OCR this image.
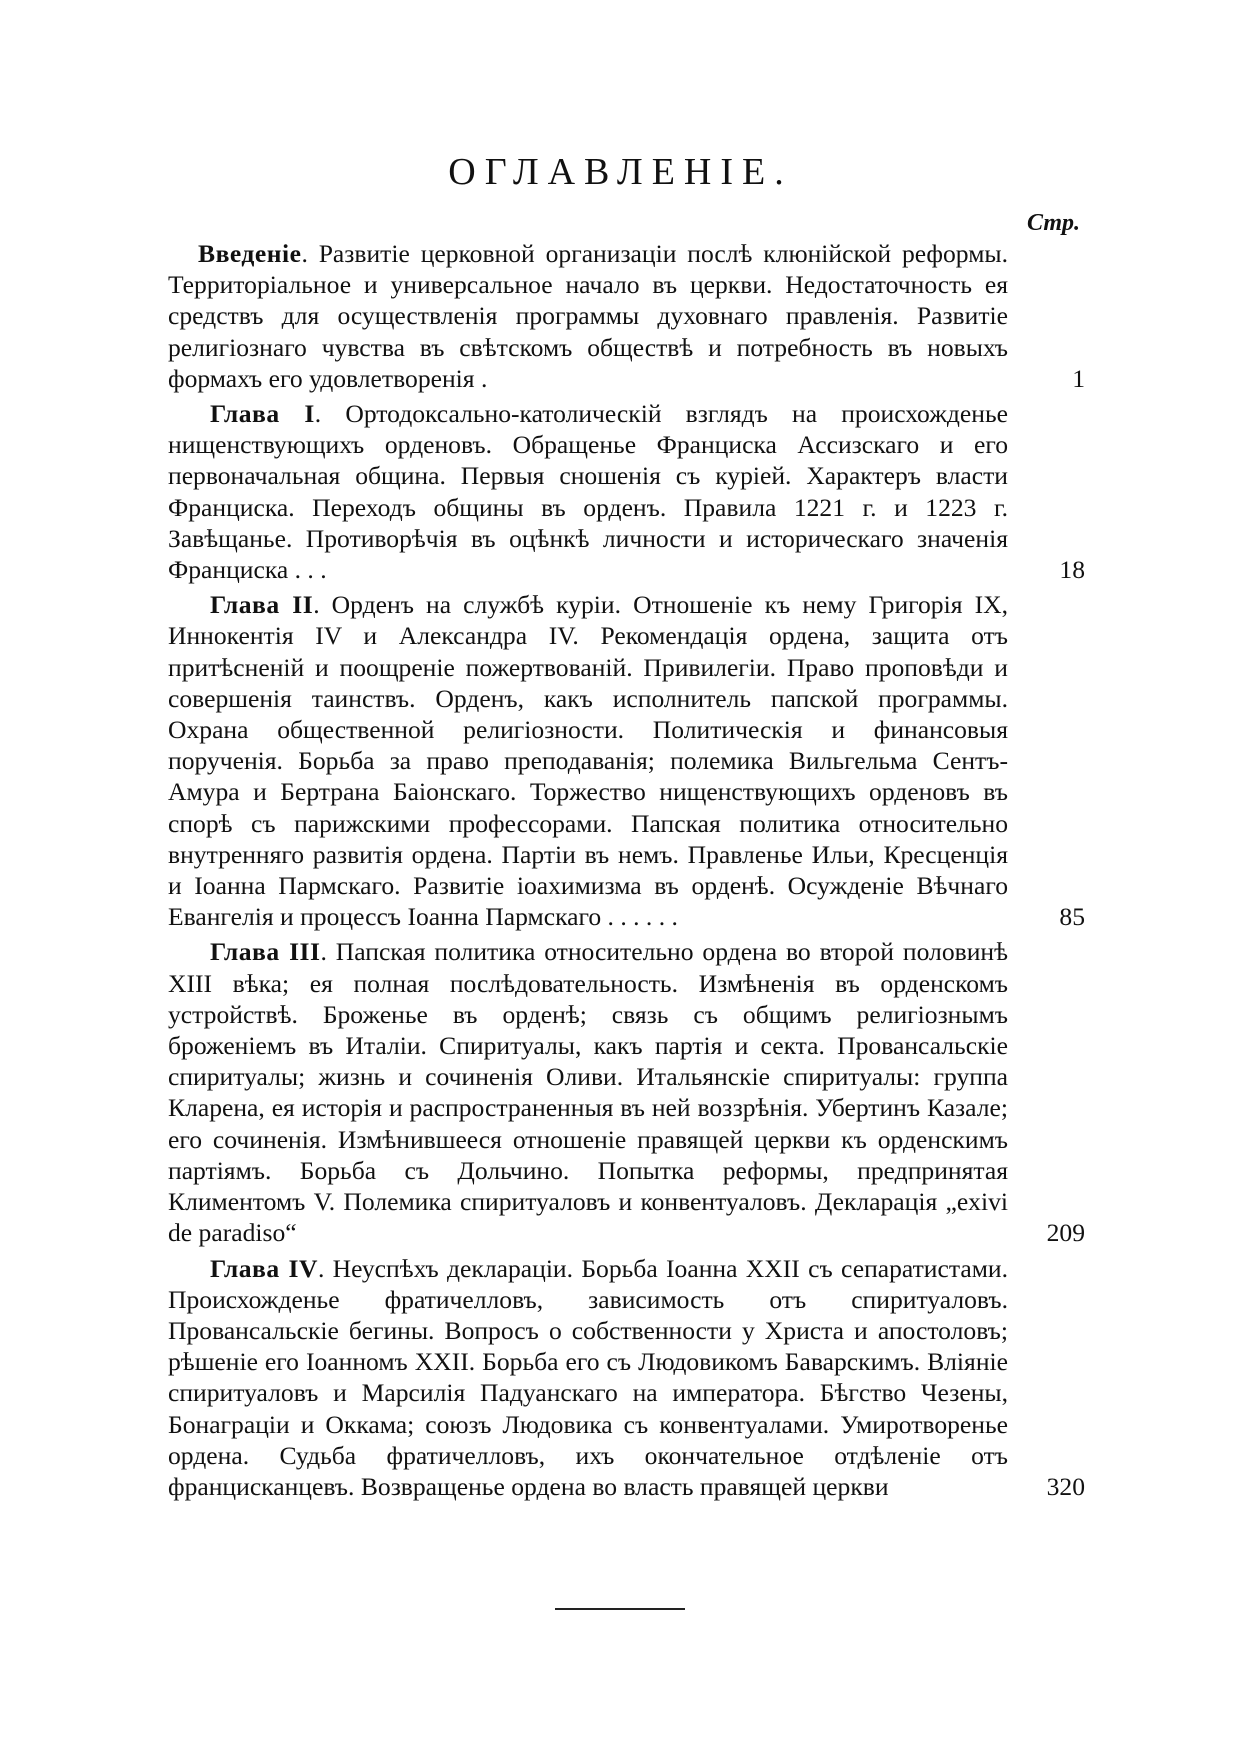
ОГЛАВЛЕНІЕ.
Стр.
Введеніе. Развитіе церковной организаціи послѣ клюнійской реформы. Территоріальное и универсальное начало въ церкви. Недостаточность ея средствъ для осуществленія программы духовнаго правленія. Развитіе религіознаго чувства въ свѣтскомъ обществѣ и потребность въ новыхъ формахъ его удовлетворенія .	1
Глава I. Ортодоксально-католическій взглядъ на происхожденье нищенствующихъ орденовъ. Обращенье Франциска Ассизскаго и его первоначальная община. Первыя сношенія съ куріей. Характеръ власти Франциска. Переходъ общины въ орденъ. Правила 1221 г. и 1223 г. Завѣщанье. Противорѣчія въ оцѣнкѣ личности и историческаго значенія Франциска . . .	18
Глава II. Орденъ на службѣ куріи. Отношеніе къ нему Григорія IX, Иннокентія IV и Александра IV. Рекомендація ордена, защита отъ притѣсненій и поощреніе пожертвованій. Привилегіи. Право проповѣди и совершенія таинствъ. Орденъ, какъ исполнитель папской программы. Охрана общественной религіозности. Политическія и финансовыя порученія. Борьба за право преподаванія; полемика Вильгельма Сентъ-Амура и Бертрана Баіонскаго. Торжество нищенствующихъ орденовъ въ спорѣ съ парижскими профессорами. Папская политика относительно внутренняго развитія ордена. Партіи въ немъ. Правленье Ильи, Кресценція и Іоанна Пармскаго. Развитіе іоахимизма въ орденѣ. Осужденіе Вѣчнаго Евангелія и процессъ Іоанна Пармскаго . . . . . .	85
Глава III. Папская политика относительно ордена во второй половинѣ XIII вѣка; ея полная послѣдовательность. Измѣненія въ орденскомъ устройствѣ. Броженье въ орденѣ; связь съ общимъ религіознымъ броженіемъ въ Италіи. Спиритуалы, какъ партія и секта. Провансальскіе спиритуалы; жизнь и сочиненія Оливи. Итальянскіе спиритуалы: группа Кларена, ея исторія и распространенныя въ ней воззрѣнія. Убертинъ Казале; его сочиненія. Измѣнившееся отношеніе правящей церкви къ орденскимъ партіямъ. Борьба съ Дольчино. Попытка реформы, предпринятая Климентомъ V. Полемика спиритуаловъ и конвентуаловъ. Декларація „exivi de paradiso“	209
Глава IV. Неуспѣхъ декларацiи. Борьба Іоанна XXII съ сепаратистами. Происхожденье фратичелловъ, зависимость отъ спиритуаловъ. Провансальскіе бегины. Вопросъ о собственности у Христа и апостоловъ; рѣшеніе его Іоанномъ XXII. Борьба его съ Людовикомъ Баварскимъ. Вліяніе спиритуаловъ и Марсилія Падуанскаго на императора. Бѣгство Чезены, Бонаграціи и Оккама; союзъ Людовика съ конвентуалами. Умиротворенье ордена. Судьба фратичелловъ, ихъ окончательное отдѣленіе отъ францисканцевъ. Возвращенье ордена во власть правящей церкви	320
